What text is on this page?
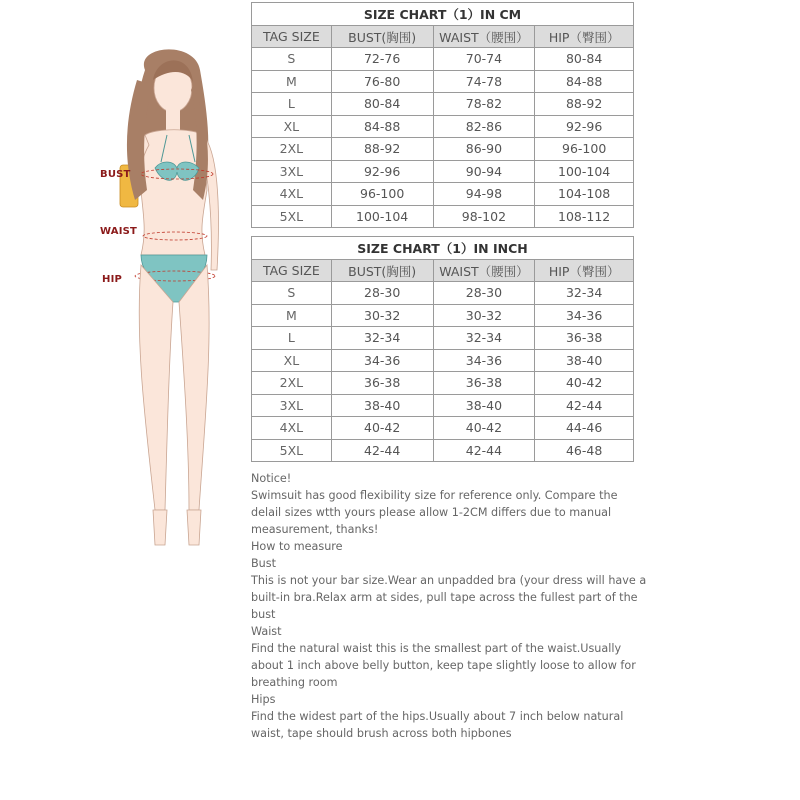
BUST
WAIST
HIP
SIZE CHART（1）IN CM			
TAG SIZE	BUST(胸围)	WAIST（腰围）	HIP（臀围）
S	72-76	70-74	80-84
M	76-80	74-78	84-88
L	80-84	78-82	88-92
XL	84-88	82-86	92-96
2XL	88-92	86-90	96-100
3XL	92-96	90-94	100-104
4XL	96-100	94-98	104-108
5XL	100-104	98-102	108-112
SIZE CHART（1）IN INCH			
TAG SIZE	BUST(胸围)	WAIST（腰围）	HIP（臀围）
S	28-30	28-30	32-34
M	30-32	30-32	34-36
L	32-34	32-34	36-38
XL	34-36	34-36	38-40
2XL	36-38	36-38	40-42
3XL	38-40	38-40	42-44
4XL	40-42	40-42	44-46
5XL	42-44	42-44	46-48

Notice!

Swimsuit has good flexibility size for reference only. Compare the delail sizes wtth yours please allow 1-2CM differs due to manual measurement, thanks!

How to measure

Bust

This is not your bar size.Wear an unpadded bra (your dress will have a built-in bra.Relax arm at sides, pull tape across the fullest part of the bust

Waist

Find the natural waist this is the smallest part of the waist.Usually about 1 inch above belly button, keep tape slightly loose to allow for breathing room

Hips

Find the widest part of the hips.Usually about 7 inch below natural waist, tape should brush across both hipbones
